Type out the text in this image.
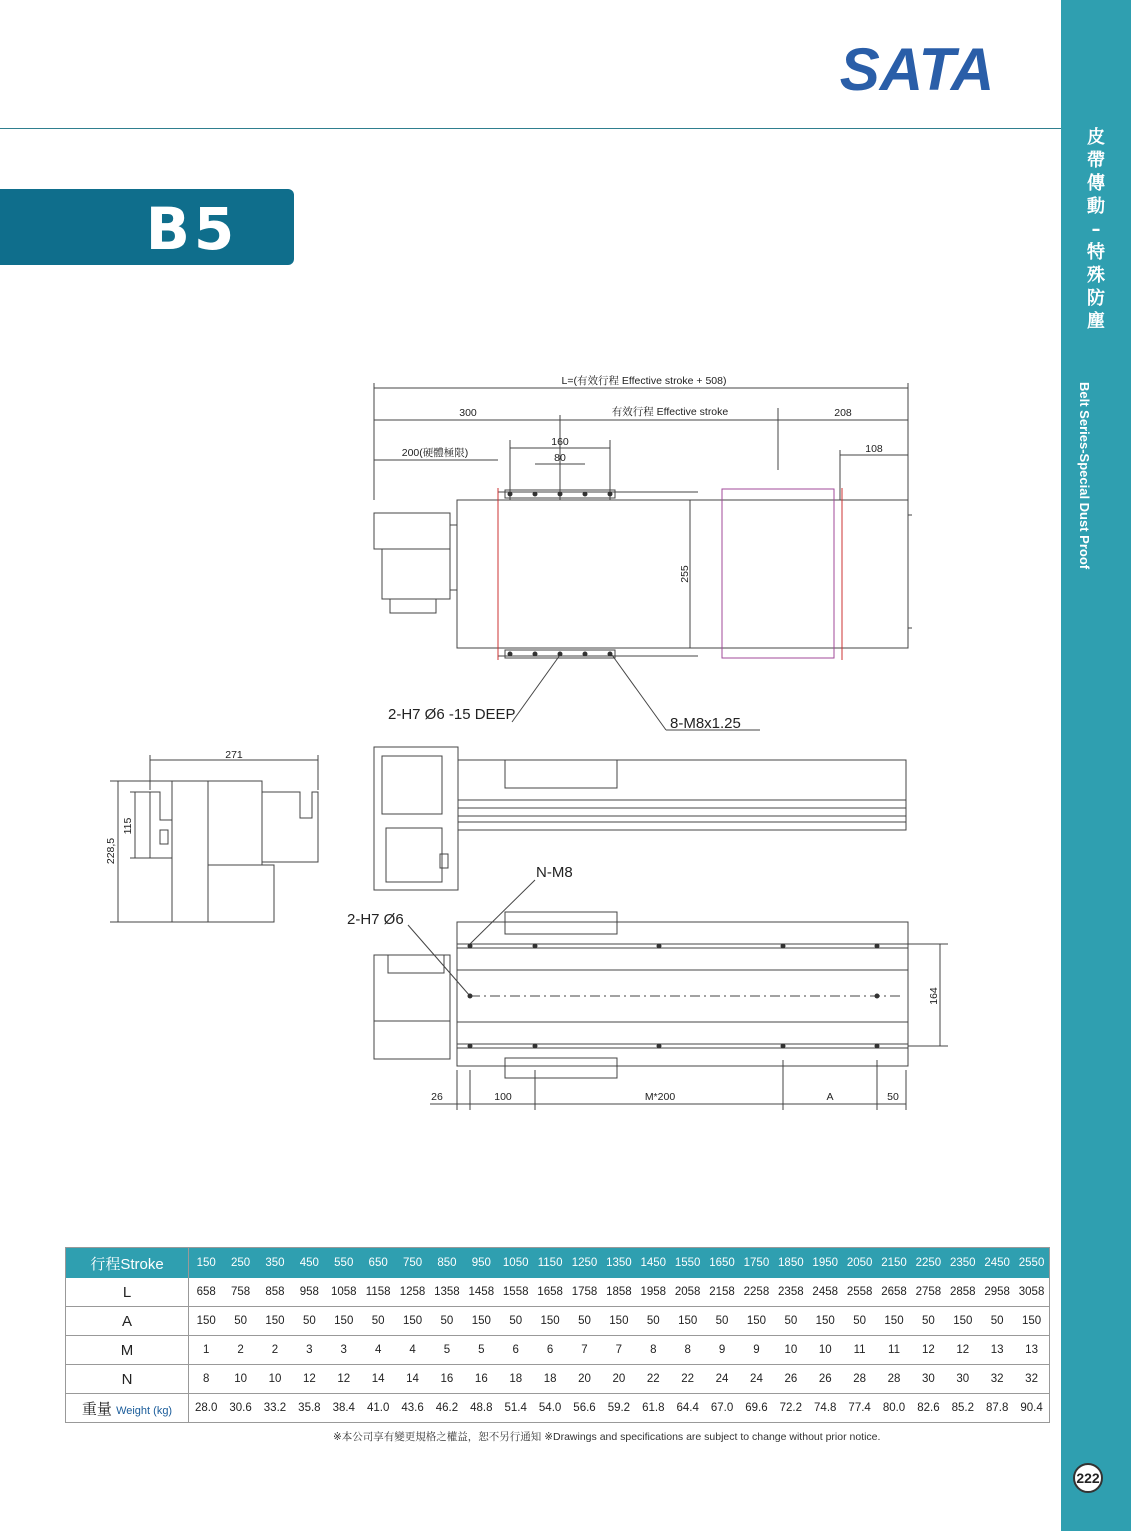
皮
帶
傳
動
–
特
殊
防
塵
Belt Series-Special Dust Proof
222
SATA
B5
L=(有效行程 Effective stroke + 508)
300	有效行程 Effective stroke	208
160
80
200(硬體極限)	108
255
2-H7 Ø6 -15 DEEP
8-M8x1.25
271
228,5
115
N-M8
2-H7 Ø6
164
26	100	M*200	A	50
行程Stroke	150	250	350	450	550	650	750	850	950	1050	1150	1250	1350	1450	1550	1650	1750	1850	1950	2050	2150	2250	2350	2450	2550
L	658	758	858	958	1058	1158	1258	1358	1458	1558	1658	1758	1858	1958	2058	2158	2258	2358	2458	2558	2658	2758	2858	2958	3058
A	150	50	150	50	150	50	150	50	150	50	150	50	150	50	150	50	150	50	150	50	150	50	150	50	150
M	1	2	2	3	3	4	4	5	5	6	6	7	7	8	8	9	9	10	10	11	11	12	12	13	13
N	8	10	10	12	12	14	14	16	16	18	18	20	20	22	22	24	24	26	26	28	28	30	30	32	32
重量 Weight (kg)	28.0	30.6	33.2	35.8	38.4	41.0	43.6	46.2	48.8	51.4	54.0	56.6	59.2	61.8	64.4	67.0	69.6	72.2	74.8	77.4	80.0	82.6	85.2	87.8	90.4
※本公司享有變更規格之權益，恕不另行通知 ※Drawings and specifications are subject to change without prior notice.
